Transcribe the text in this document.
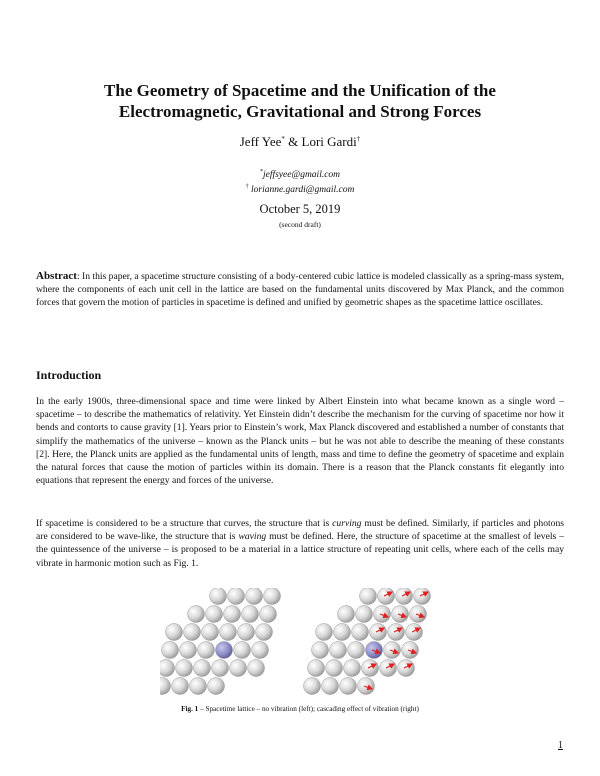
The Geometry of Spacetime and the Unification of the Electromagnetic, Gravitational and Strong Forces
Jeff Yee* & Lori Gardi†
*jeffsyee@gmail.com
† lorianne.gardi@gmail.com
October 5, 2019
(second draft)
Abstract: In this paper, a spacetime structure consisting of a body-centered cubic lattice is modeled classically as a spring-mass system, where the components of each unit cell in the lattice are based on the fundamental units discovered by Max Planck, and the common forces that govern the motion of particles in spacetime is defined and unified by geometric shapes as the spacetime lattice oscillates.
Introduction
In the early 1900s, three-dimensional space and time were linked by Albert Einstein into what became known as a single word – spacetime – to describe the mathematics of relativity. Yet Einstein didn’t describe the mechanism for the curving of spacetime nor how it bends and contorts to cause gravity [1]. Years prior to Einstein’s work, Max Planck discovered and established a number of constants that simplify the mathematics of the universe – known as the Planck units – but he was not able to describe the meaning of these constants [2]. Here, the Planck units are applied as the fundamental units of length, mass and time to define the geometry of spacetime and explain the natural forces that cause the motion of particles within its domain. There is a reason that the Planck constants fit elegantly into equations that represent the energy and forces of the universe.
If spacetime is considered to be a structure that curves, the structure that is curving must be defined. Similarly, if particles and photons are considered to be wave-like, the structure that is waving must be defined. Here, the structure of spacetime at the smallest of levels – the quintessence of the universe – is proposed to be a material in a lattice structure of repeating unit cells, where each of the cells may vibrate in harmonic motion such as Fig. 1.
Fig. 1 – Spacetime lattice – no vibration (left); cascading effect of vibration (right)
1
